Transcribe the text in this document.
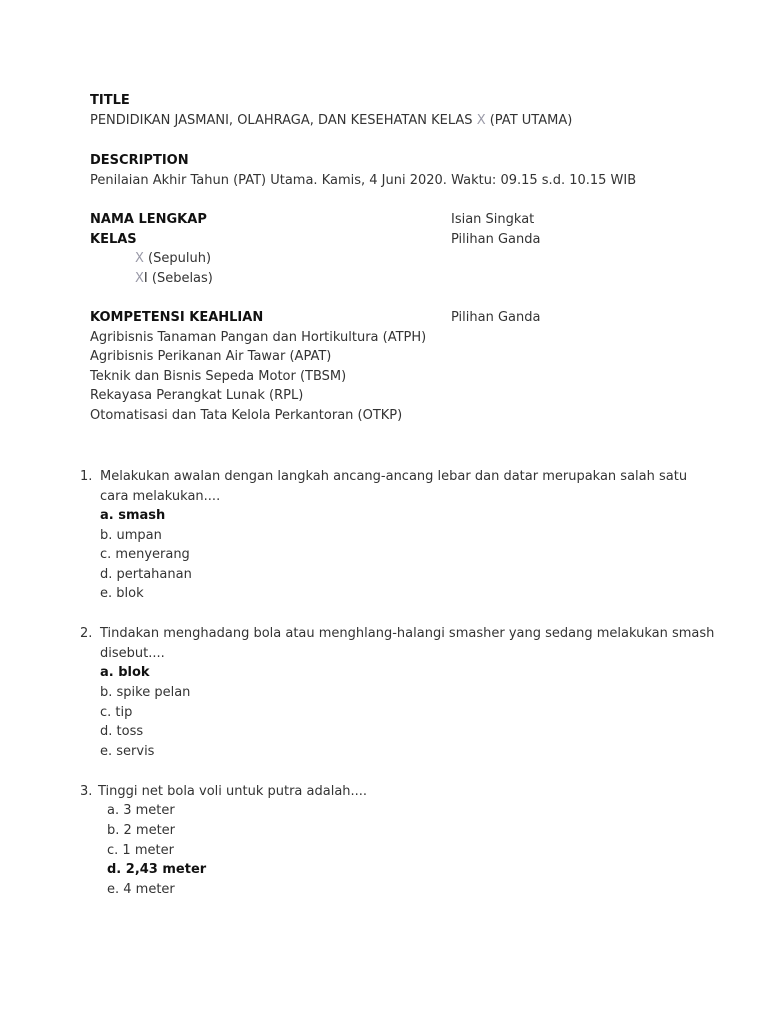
TITLE
PENDIDIKAN JASMANI, OLAHRAGA, DAN KESEHATAN KELAS X (PAT UTAMA)
DESCRIPTION
Penilaian Akhir Tahun (PAT) Utama. Kamis, 4 Juni 2020. Waktu: 09.15 s.d. 10.15 WIB
NAMA LENGKAP	Isian Singkat
KELAS	Pilihan Ganda
X (Sepuluh)
XI (Sebelas)
KOMPETENSI KEAHLIAN	Pilihan Ganda
Agribisnis Tanaman Pangan dan Hortikultura (ATPH)
Agribisnis Perikanan Air Tawar (APAT)
Teknik dan Bisnis Sepeda Motor (TBSM)
Rekayasa Perangkat Lunak (RPL)
Otomatisasi dan Tata Kelola Perkantoran (OTKP)
1. Melakukan awalan dengan langkah ancang-ancang lebar dan datar merupakan salah satu
cara melakukan....
a. smash
b. umpan
c. menyerang
d. pertahanan
e. blok
2. Tindakan menghadang bola atau menghlang-halangi smasher yang sedang melakukan smash
disebut....
a. blok
b. spike pelan
c. tip
d. toss
e. servis
3. Tinggi net bola voli untuk putra adalah....
a. 3 meter
b. 2 meter
c. 1 meter
d. 2,43 meter
e. 4 meter
